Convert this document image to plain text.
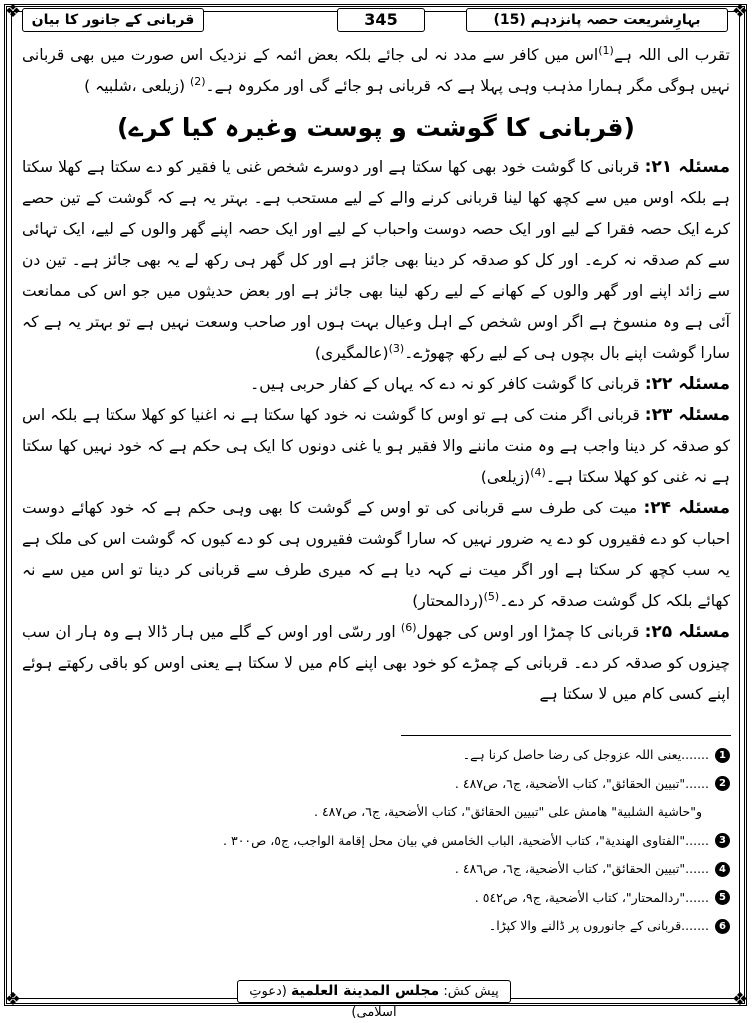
❖	❖
❖	❖
بہارِشریعت حصہ پانزدہم (15)
345
قربانی کے جانور کا بیان

تقرب الی اللہ ہے$^{(1)}$اس میں کافر سے مدد نہ لی جائے بلکہ بعض ائمہ کے نزدیک اس صورت میں بھی قربانی نہیں ہوگی مگر ہمارا مذہب وہی پہلا ہے کہ قربانی ہو جائے گی اور مکروہ ہے۔$^{(2)}$ (زیلعی ،شلبیہ )

(قربانی کا گوشت و پوست وغیرہ کیا کرے)

مسئلہ ۲۱: قربانی کا گوشت خود بھی کھا سکتا ہے اور دوسرے شخص غنی یا فقیر کو دے سکتا ہے کھلا سکتا ہے بلکہ اوس میں سے کچھ کھا لینا قربانی کرنے والے کے لیے مستحب ہے۔ بہتر یہ ہے کہ گوشت کے تین حصے کرے ایک حصہ فقرا کے لیے اور ایک حصہ دوست واحباب کے لیے اور ایک حصہ اپنے گھر والوں کے لیے، ایک تہائی سے کم صدقہ نہ کرے۔ اور کل کو صدقہ کر دینا بھی جائز ہے اور کل گھر ہی رکھ لے یہ بھی جائز ہے۔ تین دن سے زائد اپنے اور گھر والوں کے کھانے کے لیے رکھ لینا بھی جائز ہے اور بعض حدیثوں میں جو اس کی ممانعت آئی ہے وہ منسوخ ہے اگر اوس شخص کے اہل وعیال بہت ہوں اور صاحب وسعت نہیں ہے تو بہتر یہ ہے کہ سارا گوشت اپنے بال بچوں ہی کے لیے رکھ چھوڑے۔$^{(3)}$(عالمگیری)

مسئلہ ۲۲: قربانی کا گوشت کافر کو نہ دے کہ یہاں کے کفار حربی ہیں۔

مسئلہ ۲۳: قربانی اگر منت کی ہے تو اوس کا گوشت نہ خود کھا سکتا ہے نہ اغنیا کو کھلا سکتا ہے بلکہ اس کو صدقہ کر دینا واجب ہے وہ منت ماننے والا فقیر ہو یا غنی دونوں کا ایک ہی حکم ہے کہ خود نہیں کھا سکتا ہے نہ غنی کو کھلا سکتا ہے۔$^{(4)}$(زیلعی)

مسئلہ ۲۴: میت کی طرف سے قربانی کی تو اوس کے گوشت کا بھی وہی حکم ہے کہ خود کھائے دوست احباب کو دے فقیروں کو دے یہ ضرور نہیں کہ سارا گوشت فقیروں ہی کو دے کیوں کہ گوشت اس کی ملک ہے یہ سب کچھ کر سکتا ہے اور اگر میت نے کہہ دیا ہے کہ میری طرف سے قربانی کر دینا تو اس میں سے نہ کھائے بلکہ کل گوشت صدقہ کر دے۔$^{(5)}$(ردالمحتار)

مسئلہ ۲۵: قربانی کا چمڑا اور اوس کی جھول$^{(6)}$ اور رسّی اور اوس کے گلے میں ہار ڈالا ہے وہ ہار ان سب چیزوں کو صدقہ کر دے۔ قربانی کے چمڑے کو خود بھی اپنے کام میں لا سکتا ہے یعنی اوس کو باقی رکھتے ہوئے اپنے کسی کام میں لا سکتا ہے

1
.......یعنی اللہ عزوجل کی رضا حاصل کرنا ہے۔
2
......"تبيين الحقائق"، كتاب الأضحية، ج٦، ص٤٨٧ .
و"حاشية الشلبية" هامش على "تبيين الحقائق"، كتاب الأضحية، ج٦، ص٤٨٧ .
3
......"الفتاوى الهندية"، كتاب الأضحية، الباب الخامس في بيان محل إقامة الواجب، ج٥، ص٣٠٠ .
4
......"تبيين الحقائق"، كتاب الأضحية، ج٦، ص٤٨٦ .
5
......"ردالمحتار"، كتاب الأضحية، ج٩، ص٥٤٢ .
6
.......قربانی کے جانوروں پر ڈالنے والا کپڑا۔
پیش کش: مجلس المدينة العلمية (دعوتِ اسلامی)
